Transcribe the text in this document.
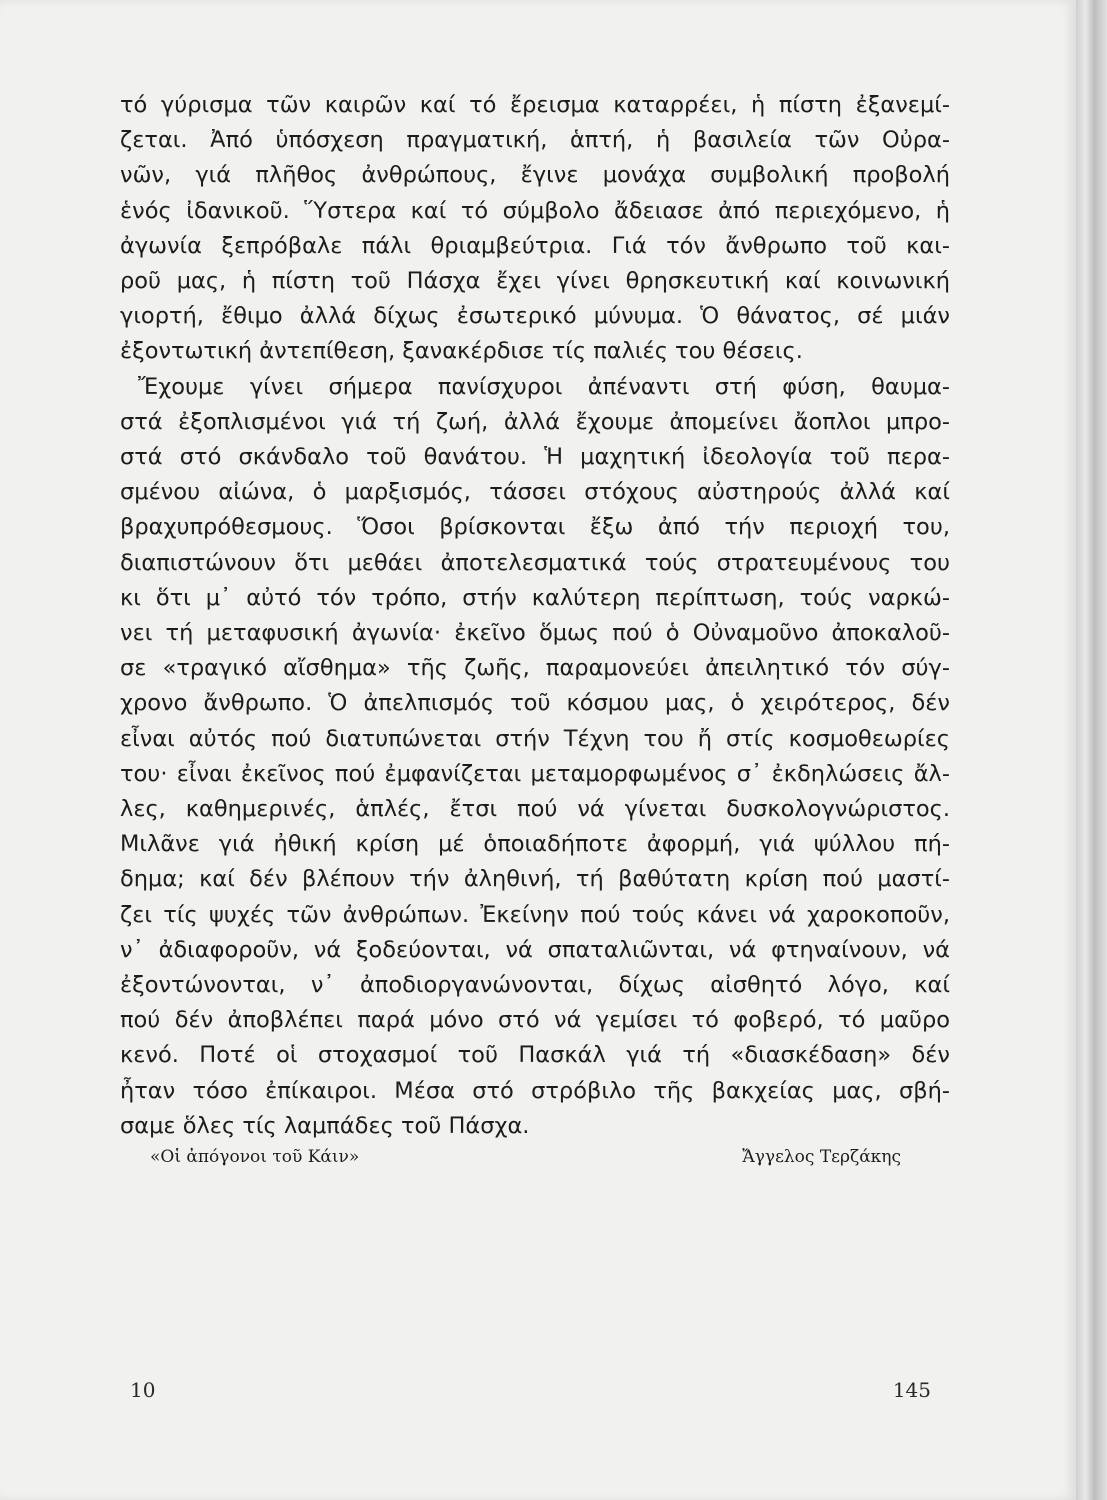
τό γύρισμα τῶν καιρῶν καί τό ἔρεισμα καταρρέει, ἡ πίστη ἐξανεμί-

ζεται. Ἀπό ὑπόσχεση πραγματική, ἁπτή, ἡ βασιλεία τῶν Οὐρα-

νῶν, γιά πλῆθος ἀνθρώπους, ἔγινε μονάχα συμβολική προβολή

ἑνός ἰδανικοῦ. Ὕστερα καί τό σύμβολο ἄδειασε ἀπό περιεχόμενο, ἡ

ἀγωνία ξεπρόβαλε πάλι θριαμβεύτρια. Γιά τόν ἄνθρωπο τοῦ και-

ροῦ μας, ἡ πίστη τοῦ Πάσχα ἔχει γίνει θρησκευτική καί κοινωνική

γιορτή, ἔθιμο ἀλλά δίχως ἐσωτερικό μύνυμα. Ὁ θάνατος, σέ μιάν

ἐξοντωτική ἀντεπίθεση, ξανακέρδισε τίς παλιές του θέσεις.

Ἔχουμε γίνει σήμερα πανίσχυροι ἀπέναντι στή φύση, θαυμα-

στά ἐξοπλισμένοι γιά τή ζωή, ἀλλά ἔχουμε ἀπομείνει ἄοπλοι μπρο-

στά στό σκάνδαλο τοῦ θανάτου. Ἡ μαχητική ἰδεολογία τοῦ περα-

σμένου αἰώνα, ὁ μαρξισμός, τάσσει στόχους αὐστηρούς ἀλλά καί

βραχυπρόθεσμους. Ὅσοι βρίσκονται ἔξω ἀπό τήν περιοχή του,

διαπιστώνουν ὅτι μεθάει ἀποτελεσματικά τούς στρατευμένους του

κι ὅτι μ᾿ αὐτό τόν τρόπο, στήν καλύτερη περίπτωση, τούς ναρκώ-

νει τή μεταφυσική ἀγωνία· ἐκεῖνο ὅμως πού ὁ Οὐναμοῦνο ἀποκαλοῦ-

σε «τραγικό αἴσθημα» τῆς ζωῆς, παραμονεύει ἀπειλητικό τόν σύγ-

χρονο ἄνθρωπο. Ὁ ἀπελπισμός τοῦ κόσμου μας, ὁ χειρότερος, δέν

εἶναι αὐτός πού διατυπώνεται στήν Τέχνη του ἤ στίς κοσμοθεωρίες

του· εἶναι ἐκεῖνος πού ἐμφανίζεται μεταμορφωμένος σ᾿ ἐκδηλώσεις ἄλ-

λες, καθημερινές, ἁπλές, ἔτσι πού νά γίνεται δυσκολογνώριστος.

Μιλᾶνε γιά ἠθική κρίση μέ ὁποιαδήποτε ἀφορμή, γιά ψύλλου πή-

δημα; καί δέν βλέπουν τήν ἀληθινή, τή βαθύτατη κρίση πού μαστί-

ζει τίς ψυχές τῶν ἀνθρώπων. Ἐκείνην πού τούς κάνει νά χαροκοποῦν,

ν᾿ ἀδιαφοροῦν, νά ξοδεύονται, νά σπαταλιῶνται, νά φτηναίνουν, νά

ἐξοντώνονται, ν᾿ ἀποδιοργανώνονται, δίχως αἰσθητό λόγο, καί

πού δέν ἀποβλέπει παρά μόνο στό νά γεμίσει τό φοβερό, τό μαῦρο

κενό. Ποτέ οἱ στοχασμοί τοῦ Πασκάλ γιά τή «διασκέδαση» δέν

ἦταν τόσο ἐπίκαιροι. Μέσα στό στρόβιλο τῆς βακχείας μας, σβή-

σαμε ὅλες τίς λαμπάδες τοῦ Πάσχα.

«Οἱ ἀπόγονοι τοῦ Κάιν»	Ἄγγελος Τερζάκης
10	145
